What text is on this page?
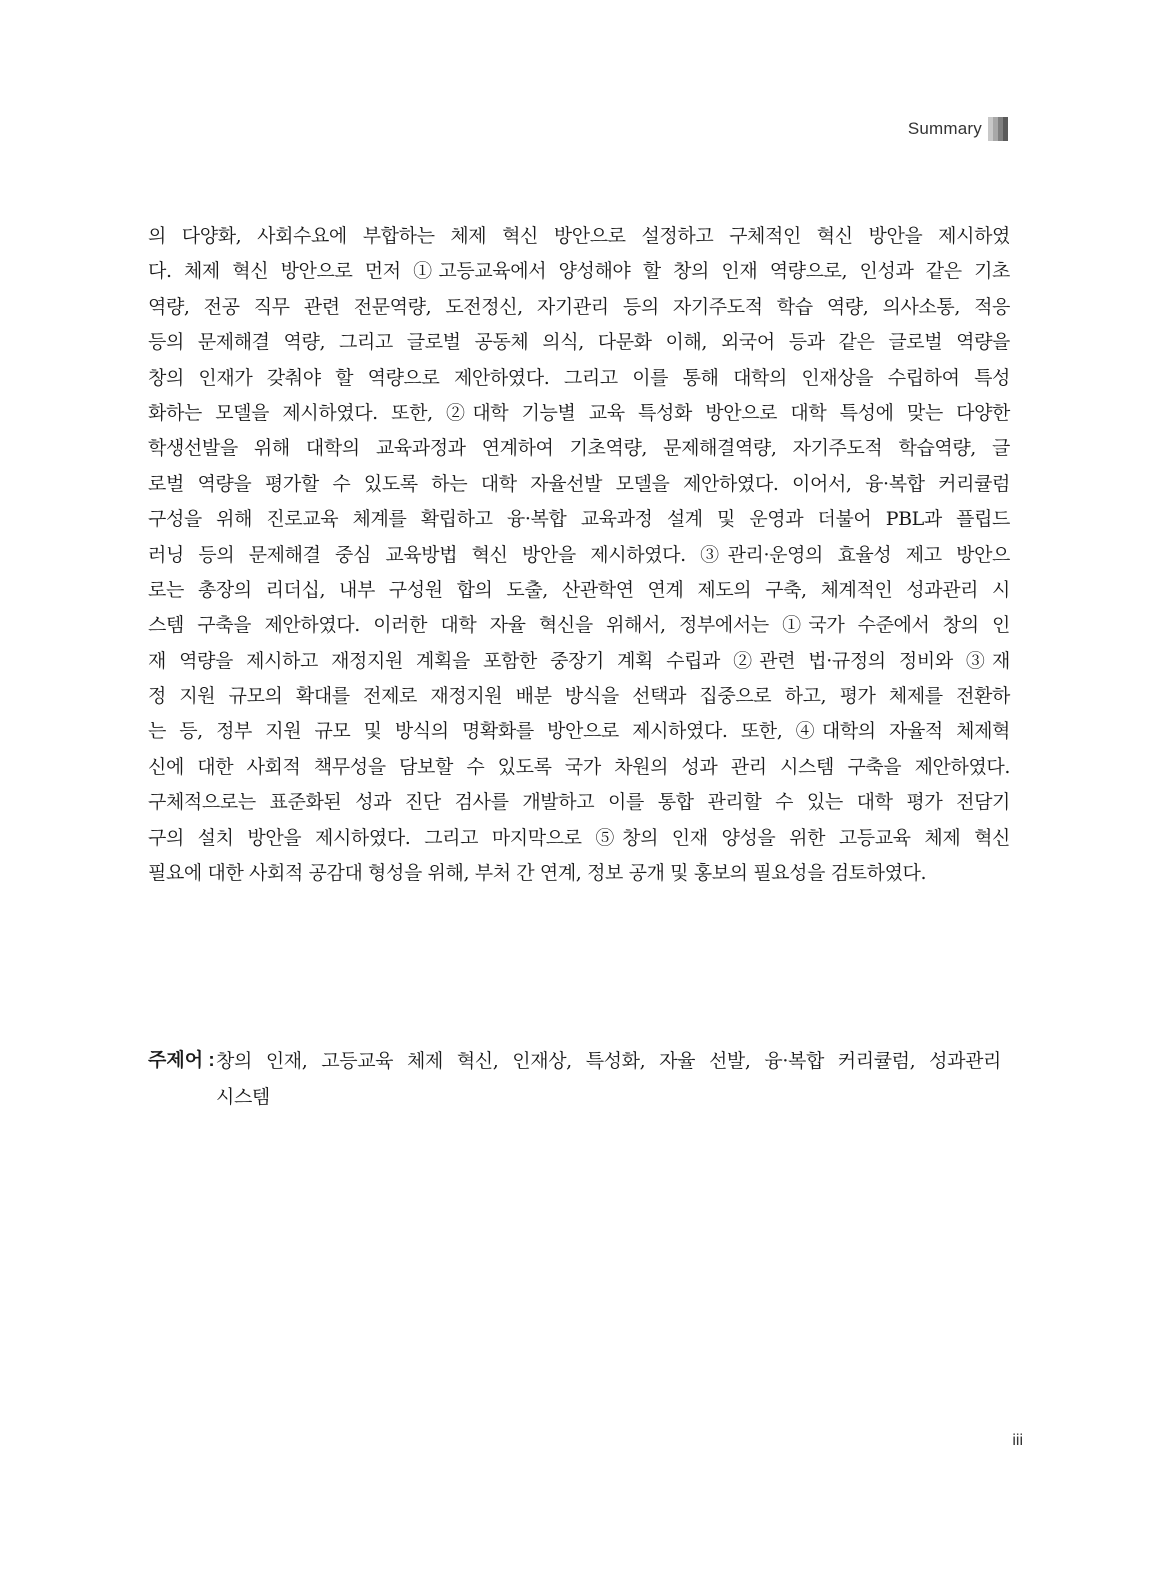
Summary
의 다양화, 사회수요에 부합하는 체제 혁신 방안으로 설정하고 구체적인 혁신 방안을 제시하였
다. 체제 혁신 방안으로 먼저 ①고등교육에서 양성해야 할 창의 인재 역량으로, 인성과 같은 기초
역량, 전공 직무 관련 전문역량, 도전정신, 자기관리 등의 자기주도적 학습 역량, 의사소통, 적응
등의 문제해결 역량, 그리고 글로벌 공동체 의식, 다문화 이해, 외국어 등과 같은 글로벌 역량을
창의 인재가 갖춰야 할 역량으로 제안하였다. 그리고 이를 통해 대학의 인재상을 수립하여 특성
화하는 모델을 제시하였다. 또한, ②대학 기능별 교육 특성화 방안으로 대학 특성에 맞는 다양한
학생선발을 위해 대학의 교육과정과 연계하여 기초역량, 문제해결역량, 자기주도적 학습역량, 글
로벌 역량을 평가할 수 있도록 하는 대학 자율선발 모델을 제안하였다. 이어서, 융·복합 커리큘럼
구성을 위해 진로교육 체계를 확립하고 융·복합 교육과정 설계 및 운영과 더불어 PBL과 플립드
러닝 등의 문제해결 중심 교육방법 혁신 방안을 제시하였다. ③관리·운영의 효율성 제고 방안으
로는 총장의 리더십, 내부 구성원 합의 도출, 산관학연 연계 제도의 구축, 체계적인 성과관리 시
스템 구축을 제안하였다. 이러한 대학 자율 혁신을 위해서, 정부에서는 ①국가 수준에서 창의 인
재 역량을 제시하고 재정지원 계획을 포함한 중장기 계획 수립과 ②관련 법·규정의 정비와 ③재
정 지원 규모의 확대를 전제로 재정지원 배분 방식을 선택과 집중으로 하고, 평가 체제를 전환하
는 등, 정부 지원 규모 및 방식의 명확화를 방안으로 제시하였다. 또한, ④대학의 자율적 체제혁
신에 대한 사회적 책무성을 담보할 수 있도록 국가 차원의 성과 관리 시스템 구축을 제안하였다.
구체적으로는 표준화된 성과 진단 검사를 개발하고 이를 통합 관리할 수 있는 대학 평가 전담기
구의 설치 방안을 제시하였다. 그리고 마지막으로 ⑤창의 인재 양성을 위한 고등교육 체제 혁신
필요에 대한 사회적 공감대 형성을 위해, 부처 간 연계, 정보 공개 및 홍보의 필요성을 검토하였다.
주제어 : 창의 인재, 고등교육 체제 혁신, 인재상, 특성화, 자율 선발, 융·복합 커리큘럼, 성과관리
시스템
iii
